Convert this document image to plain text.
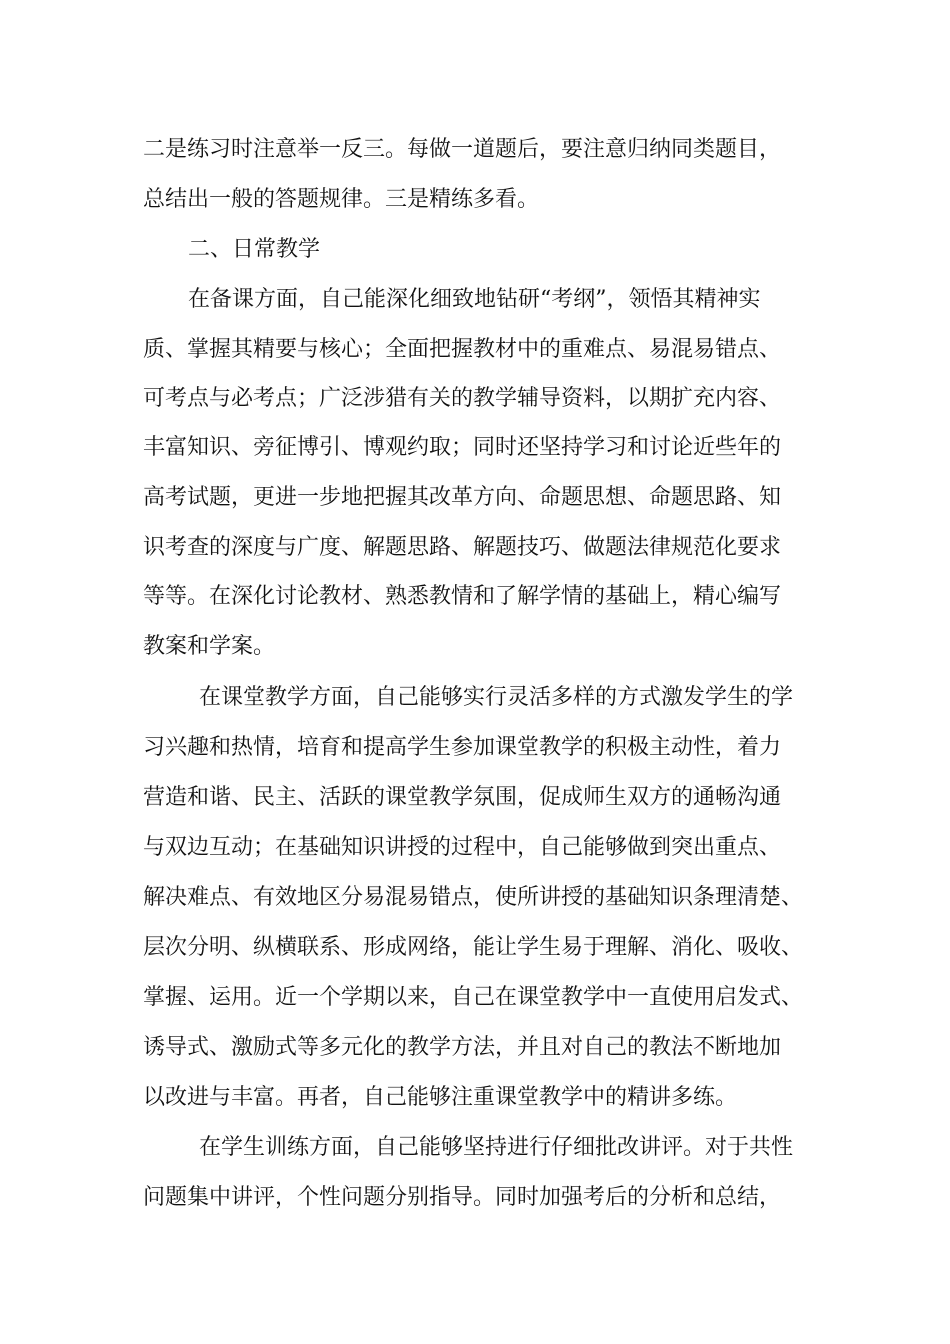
二是练习时注意举一反三。每做一道题后，要注意归纳同类题目，
总结出一般的答题规律。三是精练多看。
二、日常教学
在备课方面，自己能深化细致地钻研“考纲”，领悟其精神实
质、掌握其精要与核心；全面把握教材中的重难点、易混易错点、
可考点与必考点；广泛涉猎有关的教学辅导资料，以期扩充内容、
丰富知识、旁征博引、博观约取；同时还坚持学习和讨论近些年的
高考试题，更进一步地把握其改革方向、命题思想、命题思路、知
识考查的深度与广度、解题思路、解题技巧、做题法律规范化要求
等等。在深化讨论教材、熟悉教情和了解学情的基础上，精心编写
教案和学案。
在课堂教学方面，自己能够实行灵活多样的方式激发学生的学
习兴趣和热情，培育和提高学生参加课堂教学的积极主动性，着力
营造和谐、民主、活跃的课堂教学氛围，促成师生双方的通畅沟通
与双边互动；在基础知识讲授的过程中，自己能够做到突出重点、
解决难点、有效地区分易混易错点，使所讲授的基础知识条理清楚、
层次分明、纵横联系、形成网络，能让学生易于理解、消化、吸收、
掌握、运用。近一个学期以来，自己在课堂教学中一直使用启发式、
诱导式、激励式等多元化的教学方法，并且对自己的教法不断地加
以改进与丰富。再者，自己能够注重课堂教学中的精讲多练。
在学生训练方面，自己能够坚持进行仔细批改讲评。对于共性
问题集中讲评，个性问题分别指导。同时加强考后的分析和总结，
